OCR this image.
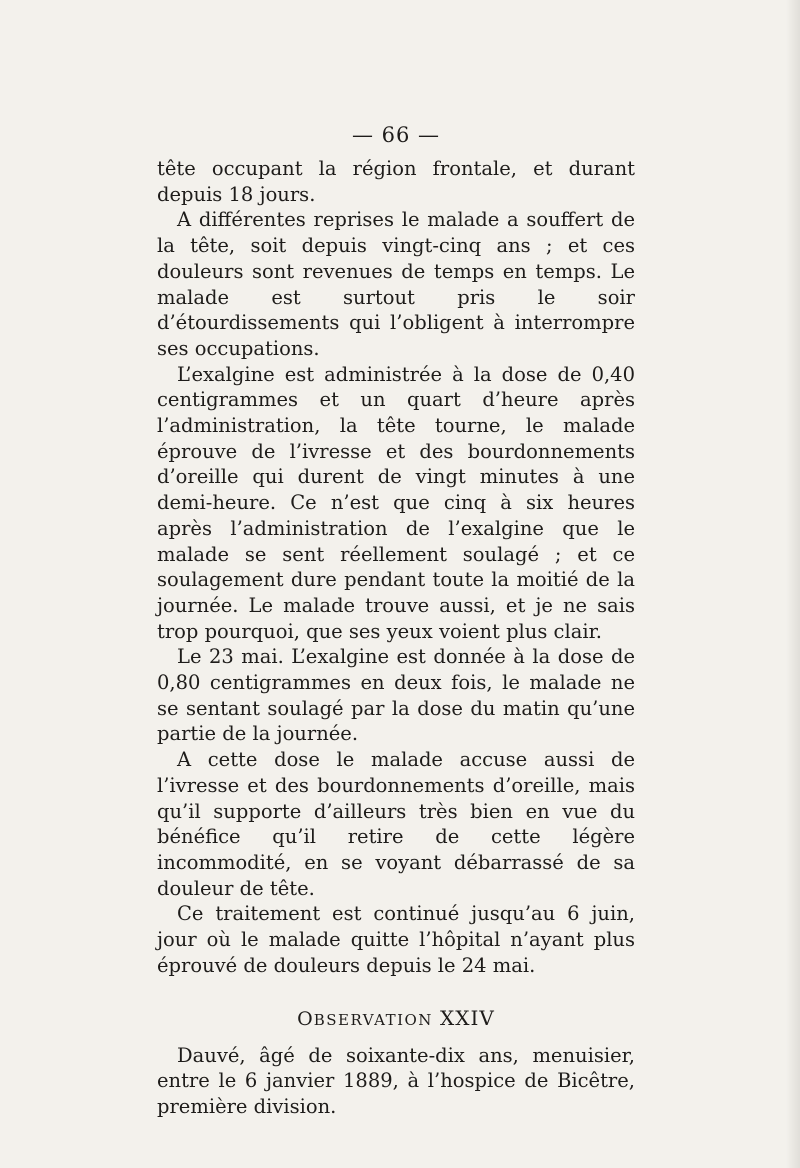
— 66 —

tête occupant la région frontale, et durant depuis 18 jours.

A différentes reprises le malade a souffert de la tête, soit depuis vingt-cinq ans ; et ces douleurs sont revenues de temps en temps. Le malade est surtout pris le soir d’étourdissements qui l’obligent à interrompre ses occupations.

L’exalgine est administrée à la dose de 0,40 centigrammes et un quart d’heure après l’administration, la tête tourne, le malade éprouve de l’ivresse et des bourdonnements d’oreille qui durent de vingt minutes à une demi-heure. Ce n’est que cinq à six heures après l’administration de l’exalgine que le malade se sent réellement soulagé ; et ce soulagement dure pendant toute la moitié de la journée. Le malade trouve aussi, et je ne sais trop pourquoi, que ses yeux voient plus clair.

Le 23 mai. L’exalgine est donnée à la dose de 0,80 centigrammes en deux fois, le malade ne se sentant soulagé par la dose du matin qu’une partie de la journée.

A cette dose le malade accuse aussi de l’ivresse et des bourdonnements d’oreille, mais qu’il supporte d’ailleurs très bien en vue du bénéfice qu’il retire de cette légère incommodité, en se voyant débarrassé de sa douleur de tête.

Ce traitement est continué jusqu’au 6 juin, jour où le malade quitte l’hôpital n’ayant plus éprouvé de douleurs depuis le 24 mai.

OBSERVATION XXIV

Dauvé, âgé de soixante-dix ans, menuisier, entre le 6 janvier 1889, à l’hospice de Bicêtre, première division.
